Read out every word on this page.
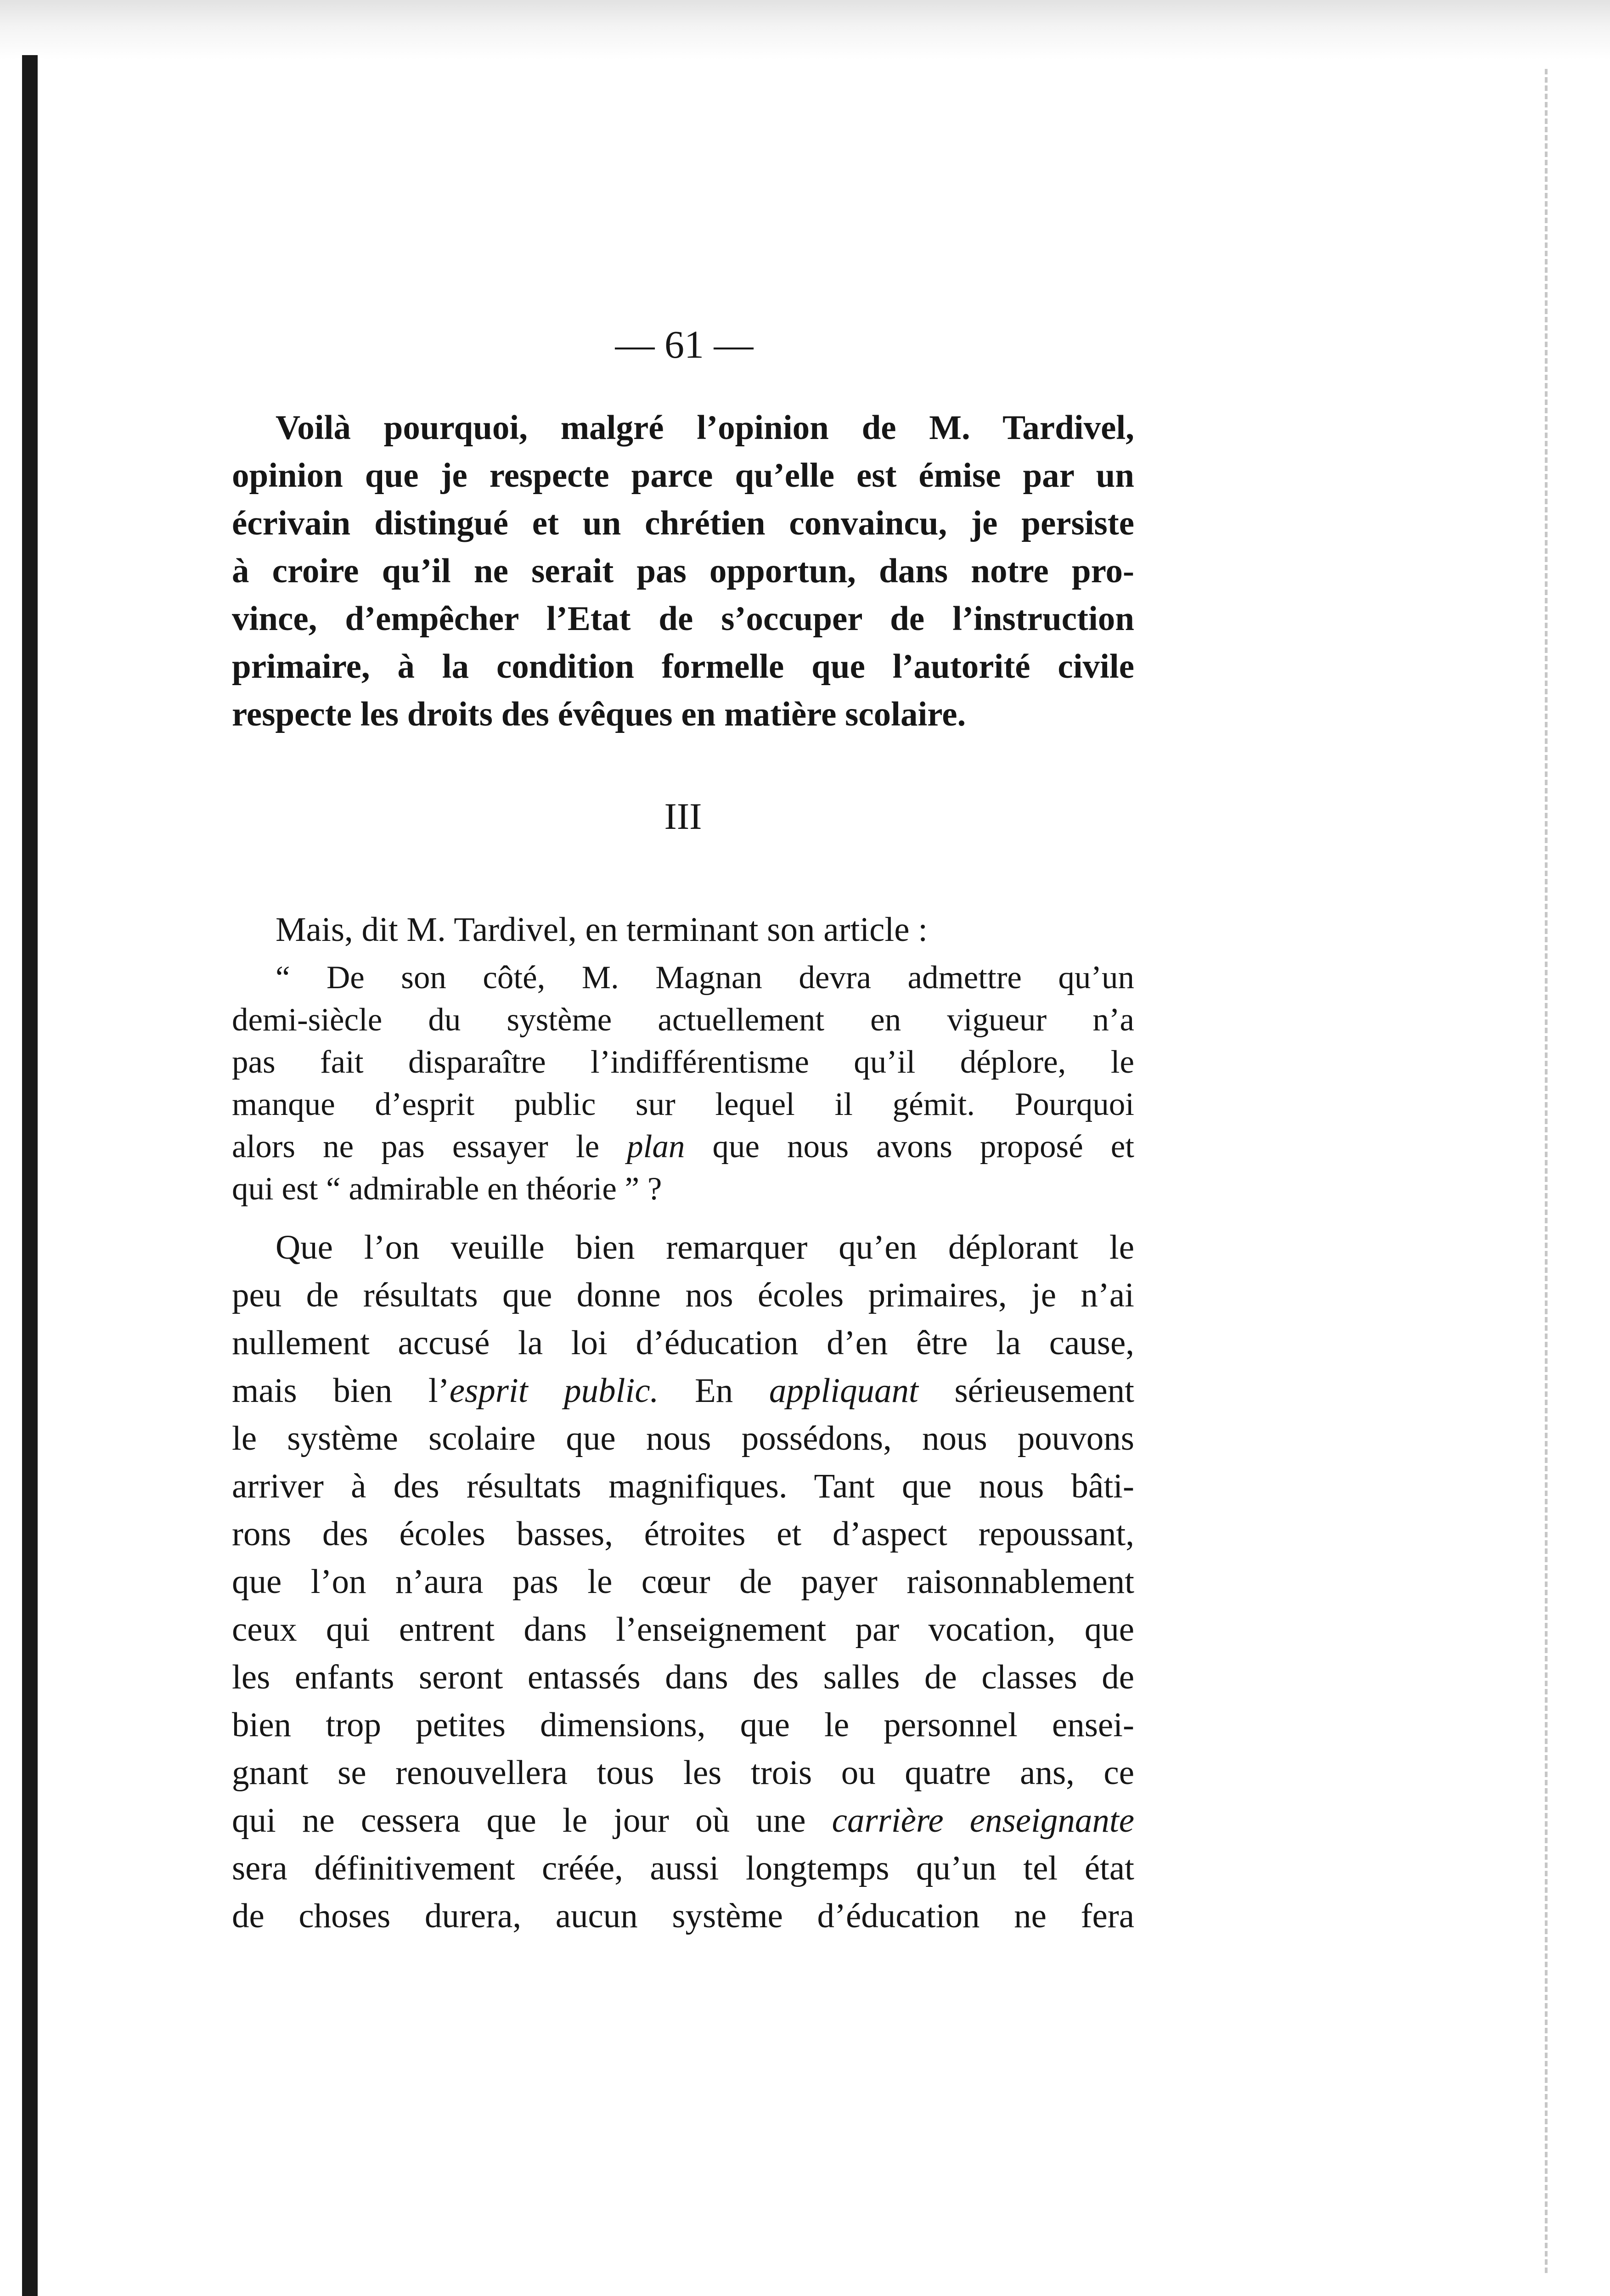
— 61 —
Voilà pourquoi, malgré l’opinion de M. Tardivel,
opinion que je respecte parce qu’elle est émise par un
écrivain distingué et un chrétien convaincu, je persiste
à croire qu’il ne serait pas opportun, dans notre pro-
vince, d’empêcher l’Etat de s’occuper de l’instruction
primaire, à la condition formelle que l’autorité civile
respecte les droits des évêques en matière scolaire.
III
Mais, dit M. Tardivel, en terminant son article :
“ De son côté, M. Magnan devra admettre qu’un
demi-siècle du système actuellement en vigueur n’a
pas fait disparaître l’indifférentisme qu’il déplore, le
manque d’esprit public sur lequel il gémit. Pourquoi
alors ne pas essayer le plan que nous avons proposé et
qui est “ admirable en théorie ” ?
Que l’on veuille bien remarquer qu’en déplorant le
peu de résultats que donne nos écoles primaires, je n’ai
nullement accusé la loi d’éducation d’en être la cause,
mais bien l’esprit public. En appliquant sérieusement
le système scolaire que nous possédons, nous pouvons
arriver à des résultats magnifiques. Tant que nous bâti-
rons des écoles basses, étroites et d’aspect repoussant,
que l’on n’aura pas le cœur de payer raisonnablement
ceux qui entrent dans l’enseignement par vocation, que
les enfants seront entassés dans des salles de classes de
bien trop petites dimensions, que le personnel ensei-
gnant se renouvellera tous les trois ou quatre ans, ce
qui ne cessera que le jour où une carrière enseignante
sera définitivement créée, aussi longtemps qu’un tel état
de choses durera, aucun système d’éducation ne fera
